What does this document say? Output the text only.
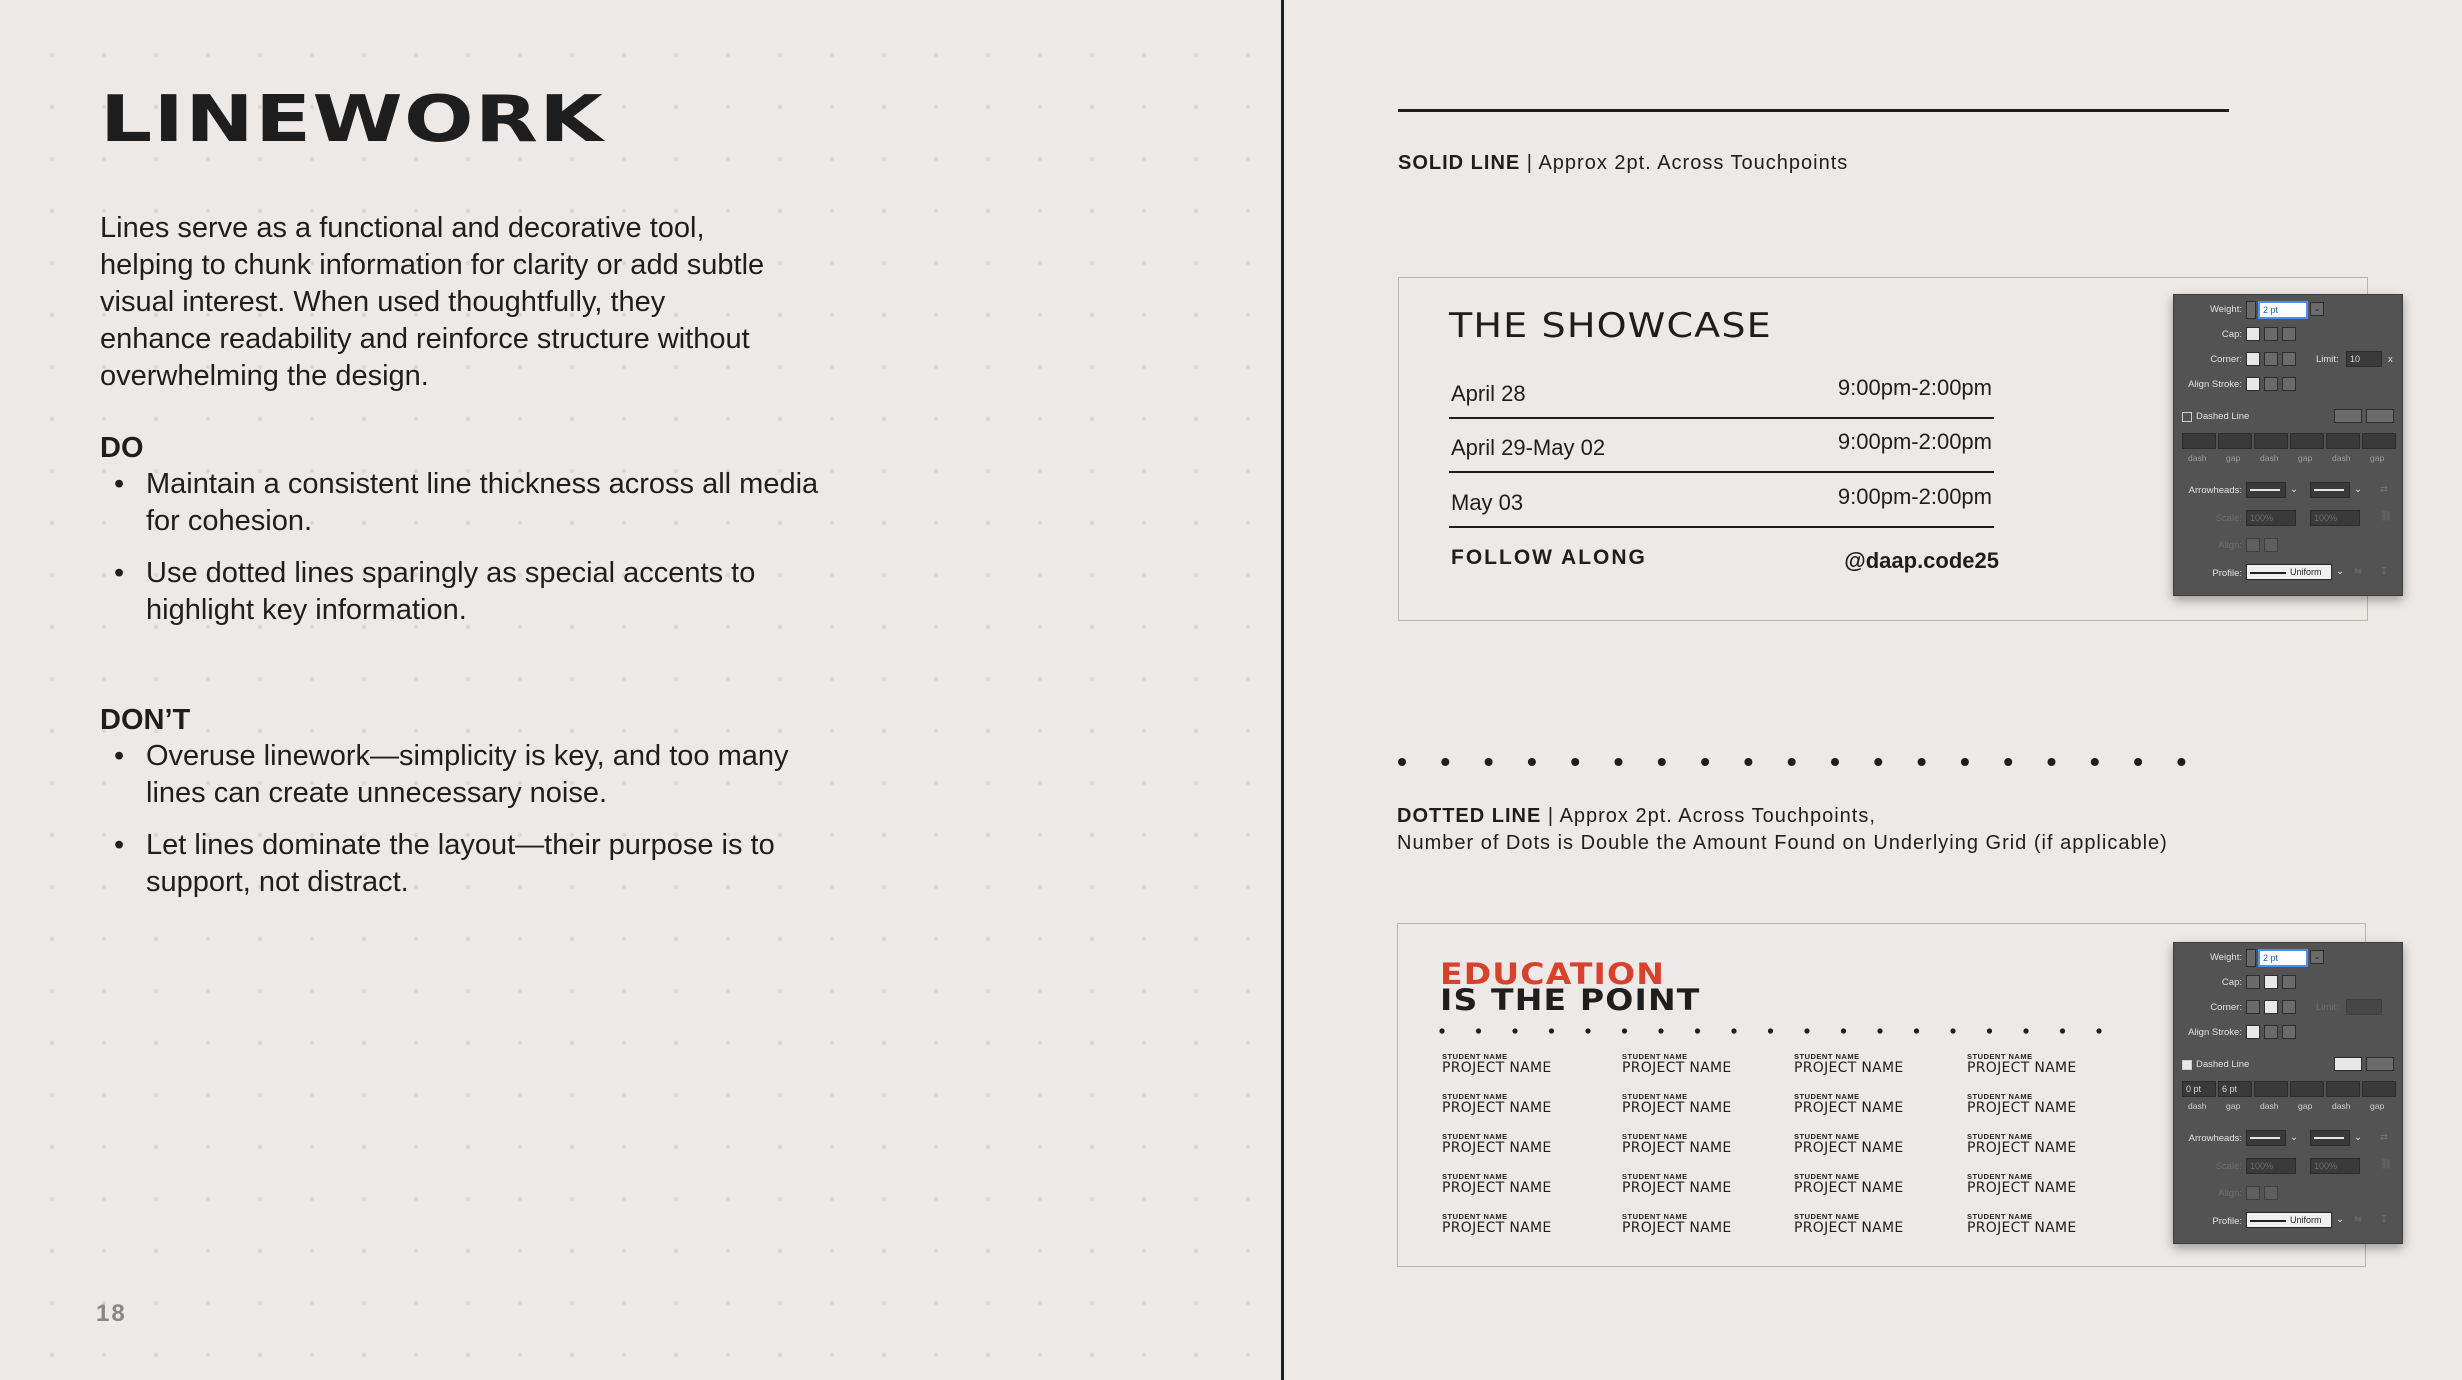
LINEWORK
Lines serve as a functional and decorative tool, helping to chunk information for clarity or add subtle visual interest. When used thoughtfully, they enhance readability and reinforce structure without overwhelming the design.
DO
• Maintain a consistent line thickness across all media for cohesion.
• Use dotted lines sparingly as special accents to highlight key information.
DON’T
• Overuse linework—simplicity is key, and too many lines can create unnecessary noise.
• Let lines dominate the layout—their purpose is to support, not distract.
18
SOLID LINE | Approx 2pt. Across Touchpoints
THE SHOWCASE
April 28	9:00pm-2:00pm
April 29-May 02	9:00pm-2:00pm
May 03	9:00pm-2:00pm
FOLLOW ALONG	@daap.code25
Weight:	2 pt	⌄
Cap:
Corner:	Limit:	10	x
Align Stroke:
Dashed Line
dash gap dash gap dash gap
Arrowheads:	⌄	⌄ ⇄
Scale: 100%	100%	⛓
Align:
Profile:	Uniform	⌄ ⇋ ↧
DOTTED LINE | Approx 2pt. Across Touchpoints,
Number of Dots is Double the Amount Found on Underlying Grid (if applicable)
EDUCATION
IS THE POINT
STUDENT NAME
PROJECT NAME
STUDENT NAME
PROJECT NAME
STUDENT NAME
PROJECT NAME
STUDENT NAME
PROJECT NAME
STUDENT NAME
PROJECT NAME
STUDENT NAME
PROJECT NAME
STUDENT NAME
PROJECT NAME
STUDENT NAME
PROJECT NAME
STUDENT NAME
PROJECT NAME
STUDENT NAME
PROJECT NAME
STUDENT NAME
PROJECT NAME
STUDENT NAME
PROJECT NAME
STUDENT NAME
PROJECT NAME
STUDENT NAME
PROJECT NAME
STUDENT NAME
PROJECT NAME
STUDENT NAME
PROJECT NAME
STUDENT NAME
PROJECT NAME
STUDENT NAME
PROJECT NAME
STUDENT NAME
PROJECT NAME
STUDENT NAME
PROJECT NAME
Weight:	2 pt	⌄
Cap:
Corner:	Limit:
Align Stroke:
Dashed Line
0 pt	6 pt
dash gap dash gap dash gap
Arrowheads:	⌄	⌄ ⇄
Scale: 100%	100%	⛓
Align:
Profile:	Uniform	⌄ ⇋ ↧
